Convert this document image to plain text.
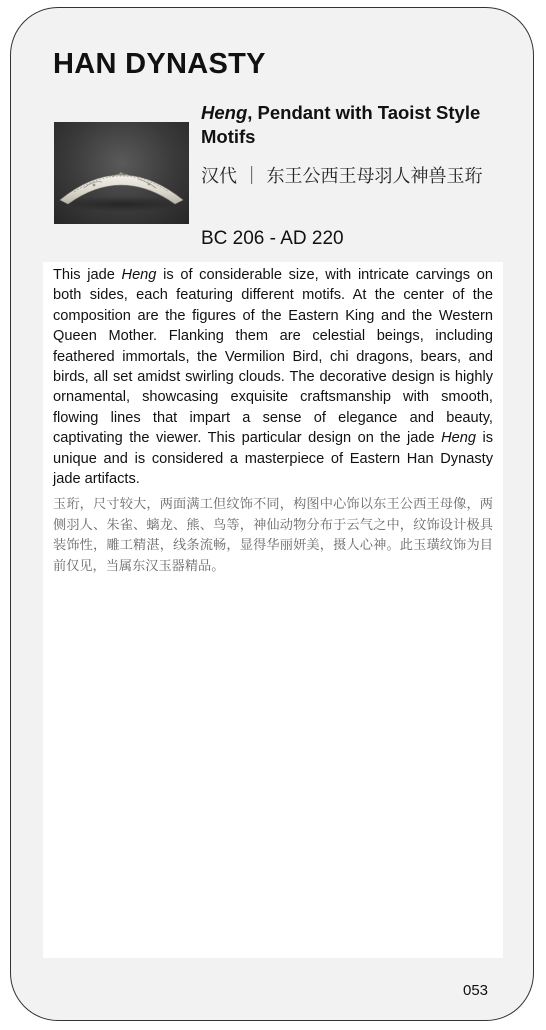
HAN DYNASTY
Heng, Pendant with Taoist Style Motifs
汉代 ｜ 东王公西王母羽人神兽玉珩
BC 206 - AD 220

This jade Heng is of considerable size, with intricate carvings on both sides, each featuring different motifs. At the center of the composition are the figures of the Eastern King and the Western Queen Mother. Flanking them are celestial beings, including feathered immortals, the Vermilion Bird, chi dragons, bears, and birds, all set amidst swirling clouds. The decorative design is highly ornamental, showcasing exquisite craftsmanship with smooth, flowing lines that impart a sense of elegance and beauty, captivating the viewer. This particular design on the jade Heng is unique and is considered a masterpiece of Eastern Han Dynasty jade artifacts.

玉珩，尺寸较大，两面满工但纹饰不同，构图中心饰以东王公西王母像，两侧羽人、朱雀、螭龙、熊、鸟等，神仙动物分布于云气之中，纹饰设计极具装饰性，雕工精湛，线条流畅，显得华丽妍美，摄人心神。此玉璜纹饰为目前仅见，当属东汉玉器精品。

053
